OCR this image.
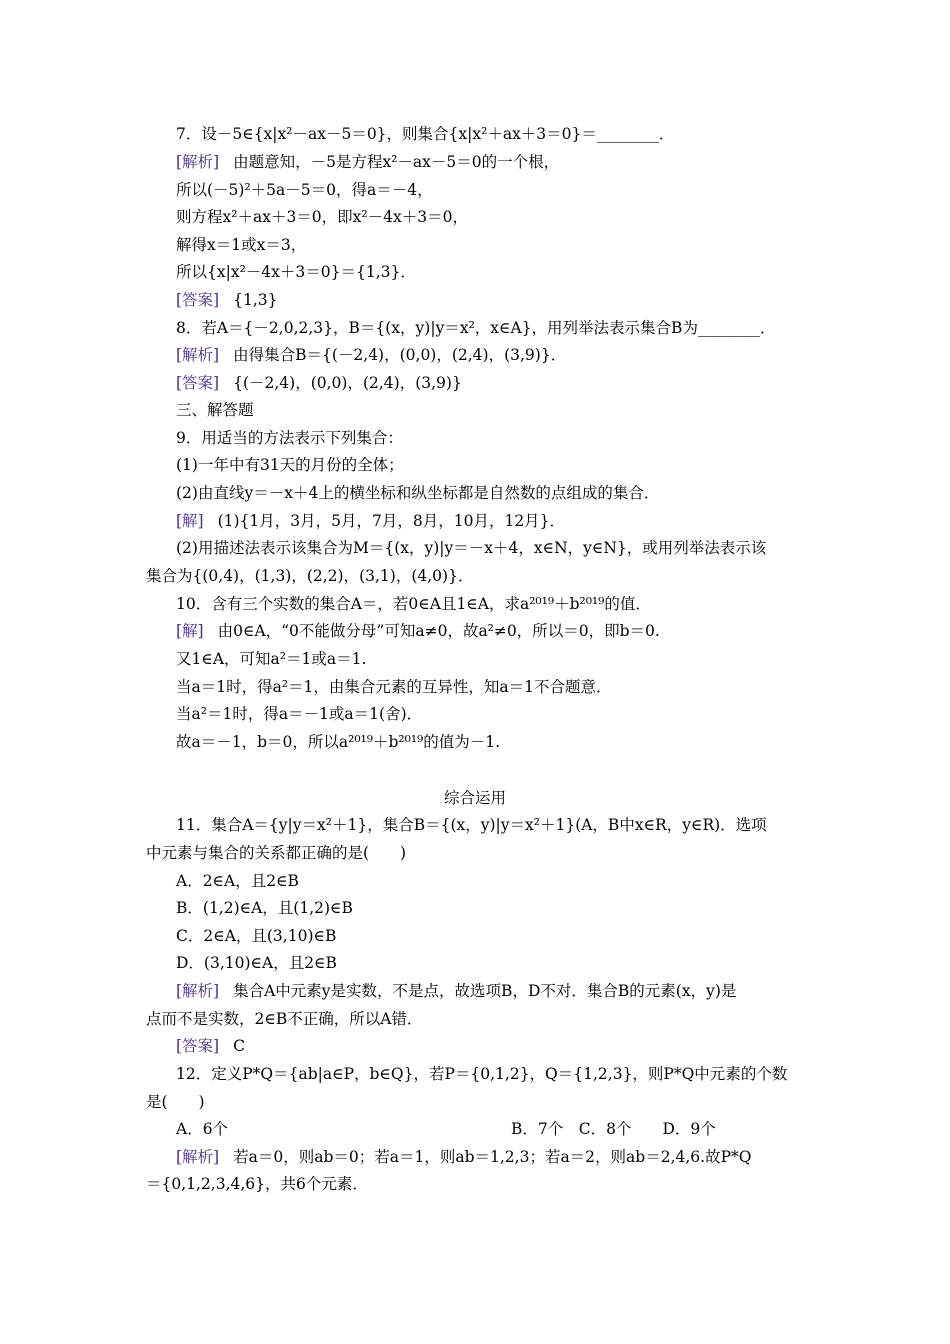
7．设－5∈{x|x²－ax－5＝0}，则集合{x|x²＋ax＋3＝0}＝________．
[解析] 由题意知，－5是方程x²－ax－5＝0的一个根，
所以(－5)²＋5a－5＝0，得a＝－4，
则方程x²＋ax＋3＝0，即x²－4x＋3＝0，
解得x＝1或x＝3，
所以{x|x²－4x＋3＝0}＝{1,3}．
[答案] {1,3}
8．若A＝{－2,0,2,3}，B＝{(x，y)|y＝x²，x∈A}，用列举法表示集合B为________．
[解析] 由得集合B＝{(－2,4)，(0,0)，(2,4)，(3,9)}．
[答案] {(－2,4)，(0,0)，(2,4)，(3,9)}
三、解答题
9．用适当的方法表示下列集合：
(1)一年中有31天的月份的全体；
(2)由直线y＝－x＋4上的横坐标和纵坐标都是自然数的点组成的集合．
[解] (1){1月，3月，5月，7月，8月，10月，12月}．
(2)用描述法表示该集合为M＝{(x，y)|y＝－x＋4，x∈N，y∈N}，或用列举法表示该
集合为{(0,4)，(1,3)，(2,2)，(3,1)，(4,0)}．
10．含有三个实数的集合A＝，若0∈A且1∈A，求a²⁰¹⁹＋b²⁰¹⁹的值．
[解] 由0∈A，“0不能做分母”可知a≠0，故a²≠0，所以＝0，即b＝0.
又1∈A，可知a²＝1或a＝1.
当a＝1时，得a²＝1，由集合元素的互异性，知a＝1不合题意．
当a²＝1时，得a＝－1或a＝1(舍)．
故a＝－1，b＝0，所以a²⁰¹⁹＋b²⁰¹⁹的值为－1.
综合运用
11．集合A＝{y|y＝x²＋1}，集合B＝{(x，y)|y＝x²＋1}(A，B中x∈R，y∈R)．选项
中元素与集合的关系都正确的是(　　)
A．2∈A，且2∈B
B．(1,2)∈A，且(1,2)∈B
C．2∈A，且(3,10)∈B
D．(3,10)∈A，且2∈B
[解析] 集合A中元素y是实数，不是点，故选项B，D不对．集合B的元素(x，y)是
点而不是实数，2∈B不正确，所以A错．
[答案] C
12．定义P*Q＝{ab|a∈P，b∈Q}，若P＝{0,1,2}，Q＝{1,2,3}，则P*Q中元素的个数
是(　　)
A．6个	B．7个　C．8个　　D．9个
[解析] 若a＝0，则ab＝0；若a＝1，则ab＝1,2,3；若a＝2，则ab＝2,4,6.故P*Q
＝{0,1,2,3,4,6}，共6个元素．
